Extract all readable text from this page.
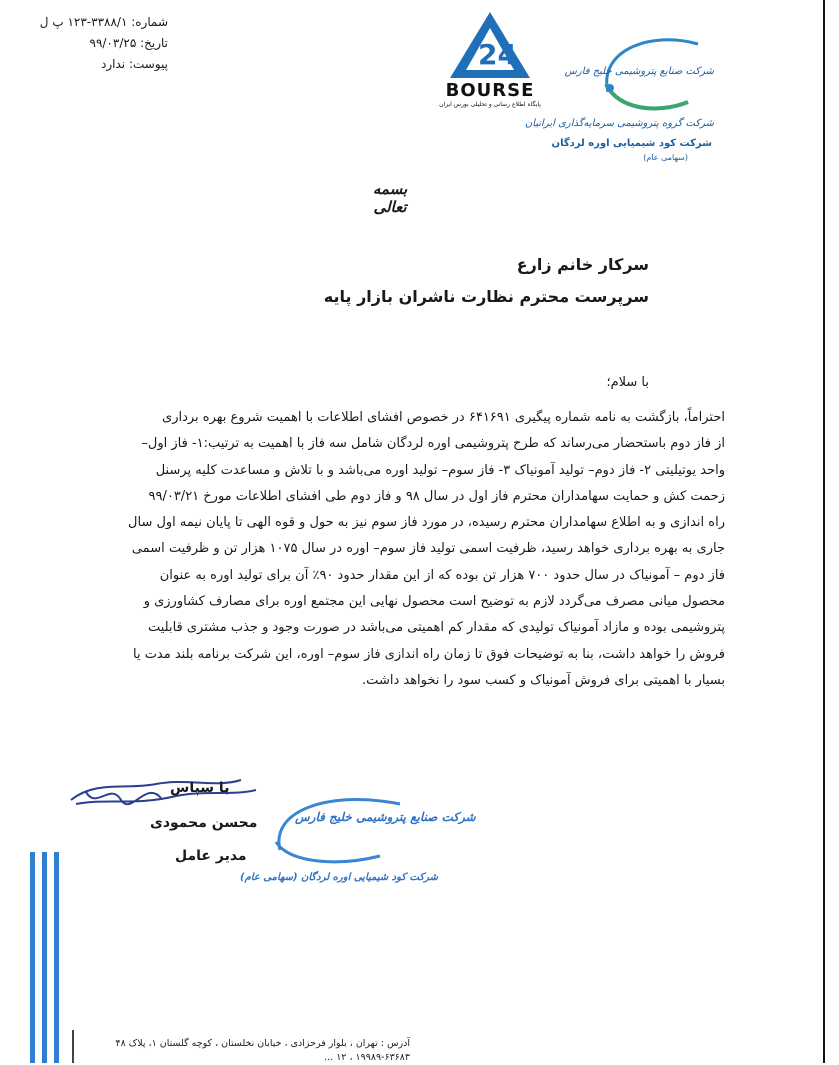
شماره: ۳۳۸۸/۱-۱۲۳ پ ل
تاریخ: ۹۹/۰۳/۲۵
پیوست: ندارد	24
BOURSE
پایگاه اطلاع رسانی و تحلیلی بورس ایران
شرکت صنایع پتروشیمی خلیج فارس
شرکت گروه پتروشیمی سرمایه‌گذاری ایرانیان
شرکت کود شیمیایی اوره لردگان
(سهامی عام)
بسمه تعالی
سرکار خانم زارع
سرپرست محترم نظارت ناشران بازار پایه
با سلام؛
احتراماً، بازگشت به نامه شماره پیگیری ۶۴۱۶۹۱ در خصوص افشای اطلاعات با اهمیت شروع بهره برداری
از فاز دوم باستحضار می‌رساند که طرح پتروشیمی اوره لردگان شامل سه فاز با اهمیت به ترتیب:۱- فاز اول–
واحد یوتیلیتی ۲- فاز دوم– تولید آمونیاک ۳- فاز سوم– تولید اوره می‌باشد و با تلاش و مساعدت کلیه پرسنل
زحمت کش و حمایت سهامداران محترم فاز اول در سال ۹۸ و فاز دوم طی افشای اطلاعات مورخ ۹۹/۰۳/۲۱
راه اندازی و به اطلاع سهامداران محترم رسیده، در مورد فاز سوم نیز به حول و قوه الهی تا پایان نیمه اول سال
جاری به بهره برداری خواهد رسید، ظرفیت اسمی تولید فاز سوم– اوره در سال ۱۰۷۵ هزار تن و ظرفیت اسمی
فاز دوم – آمونیاک در سال حدود ۷۰۰ هزار تن بوده که از این مقدار حدود ۹۰٪ آن برای تولید اوره به عنوان
محصول میانی مصرف می‌گردد لازم به توضیح است محصول نهایی این مجتمع اوره برای مصارف کشاورزی و
پتروشیمی بوده و مازاد آمونیاک تولیدی که مقدار کم اهمیتی می‌باشد در صورت وجود و جذب مشتری قابلیت
فروش را خواهد داشت، بنا به توضیحات فوق تا زمان راه اندازی فاز سوم– اوره، این شرکت برنامه بلند مدت یا
بسیار با اهمیتی برای فروش آمونیاک و کسب سود را نخواهد داشت.
با سپاس
محسن محمودی
مدیر عامل
شرکت صنایع پتروشیمی خلیج فارس
شرکت کود شیمیایی اوره لردگان (سهامی عام)
آدرس : تهران ، بلوار فرحزادی ، خیابان نخلستان ، کوچه گلستان ۱، پلاک ۴۸
۱۹۹۸۹-۶۳۶۸۳ ، ۱۲ ...
